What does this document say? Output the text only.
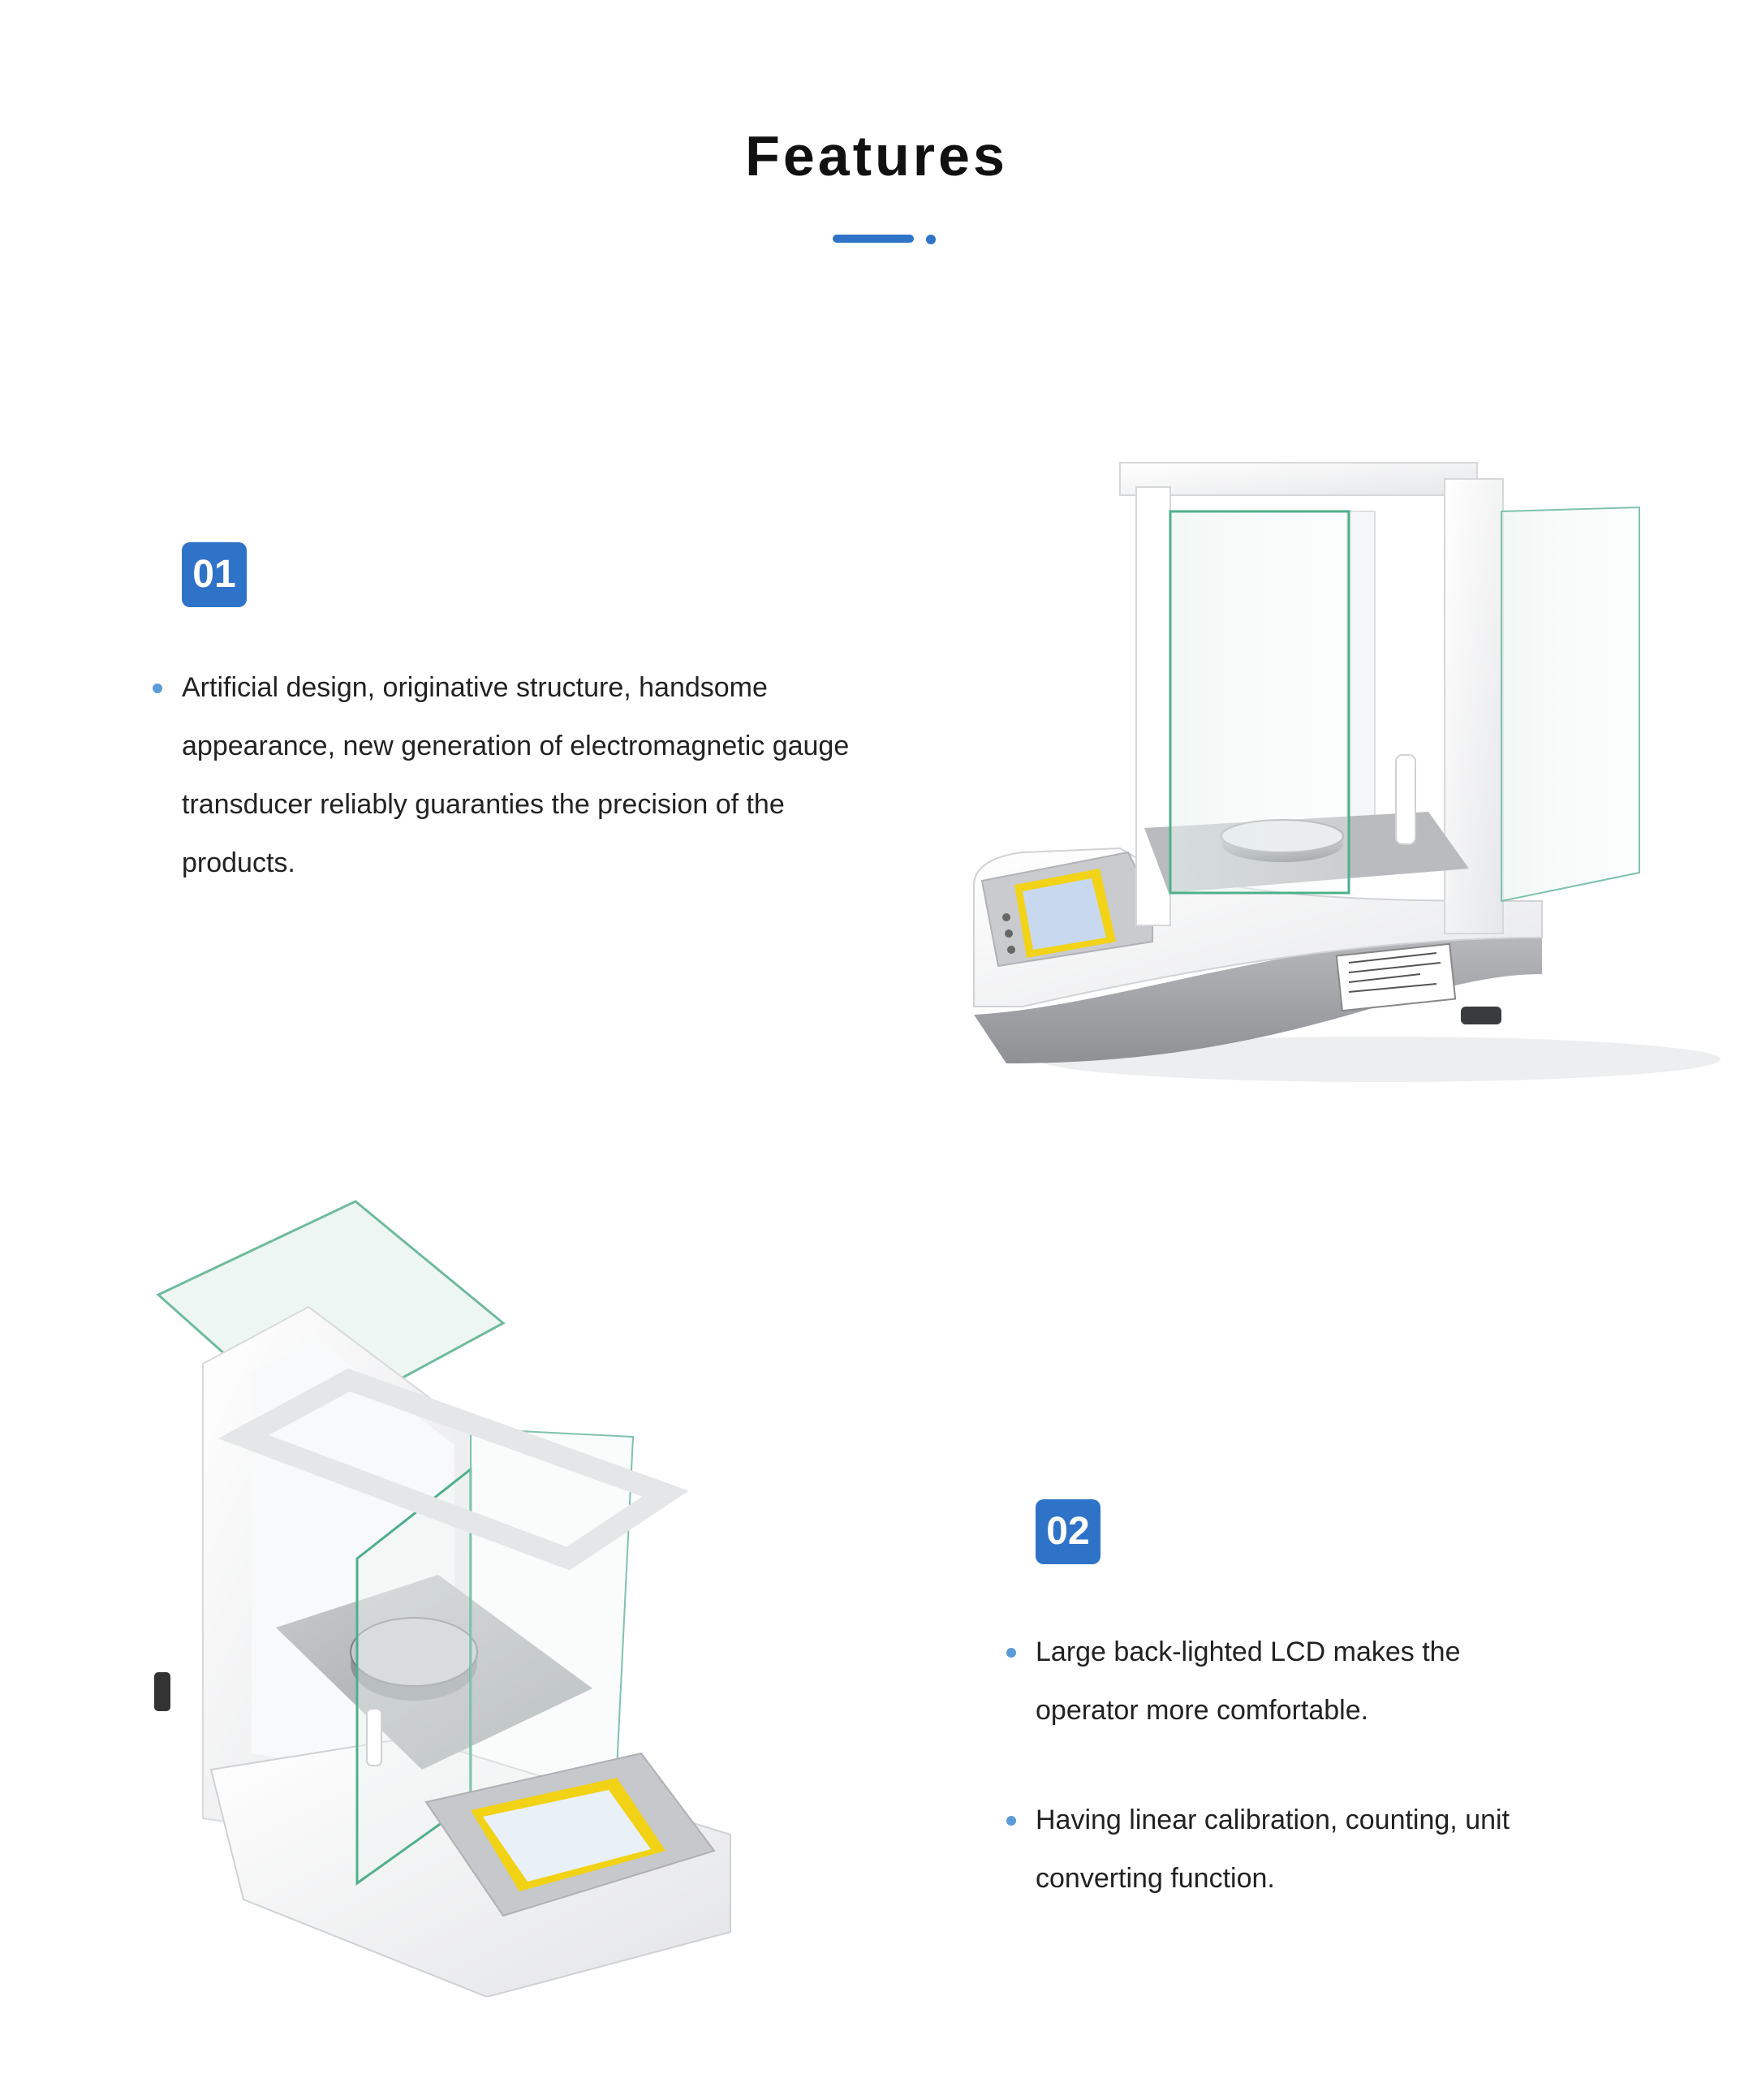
Features
01
Artificial design, originative structure, handsome appearance, new generation of electromagnetic gauge transducer reliably guaranties the precision of the products.
02
Large back-lighted LCD makes the operator more comfortable.
Having linear calibration, counting, unit converting function.
